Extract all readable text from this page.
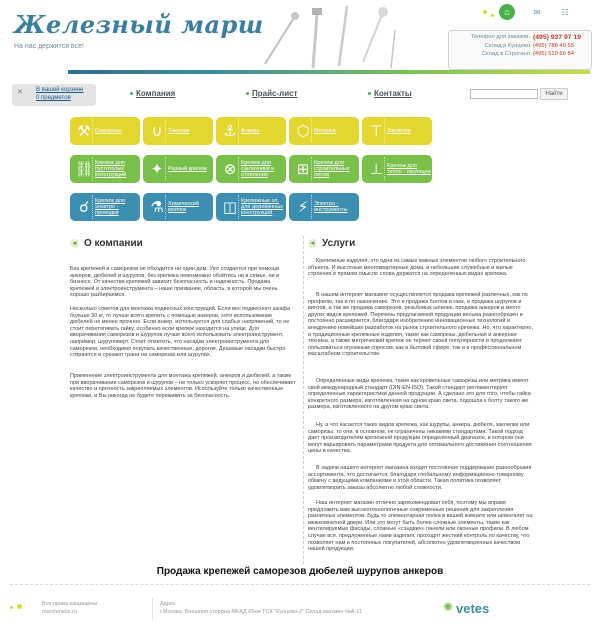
Железный марш
На нас держится все!
⌂	✉	☷
Телефон для заказов: (495) 937 97 19
Склад в Кунцево (495) 788 49 55
Склад в Строгино (495) 510 66 84
✕ В вашей корзине
0 предметов	Компания	Прайс-лист	Контакты	Найти
⚒ Саморезы	∪	Такелаж	⚓ Анкера	⬡ Метрика	⊤ Заклепки
⛓ Крепеж для пустотелых конструкций	✦ Разный крепеж	⊗ Крепеж для сантехники и отопления	⊞ Крепеж для строительных лесов	⊥ Крепеж для тепло - изоляции
☌	Крепеж для электро - проводки	⚗ Химический крепеж	◫ Крепежные эл. для деревянных конструкций	⚡	Электро - инструменты
◂ О компании	◂ Услуги
Без крепежей и саморезов не обходится ни один дом. Уют создается при помощи анкеров, дюбелей и шурупов, без крепежа невозможно обойтись ни в семье, ни в бизнесе. От качества крепежей зависит безопасность и надежность. Продажа крепежей и электроинструмента – наше призвание, область, в которой мы очень хорошо разбираемся.
Несколько советов для монтажа подвесных конструкций. Если вес подвесного шкафа больше 30 кг, то лучше всего крепить с помощью анкеров, хотя использование дюбелей не менее прочное. Если анкер, используется для слабых напряжений, то не стоит перетягивать гайку, особенно если крепеж находится на улице. Для вворачивания саморезов и шурупов лучше всего использовать электроинструмент, например, шуруповерт. Стоит отметить, что насадки электроинструмента для саморезов, необходимо покупать качественные, дорогие. Дешевые насадки быстро стираются и срезают грани на саморезах или шурупах.
Применение электроинструмента для монтажа крепежей, анкеров и дюбелей, а также при вворачивании саморезов и шурупов – не только ускоряет процесс, но обеспечивает качество и прочность закрепляемых элементов. Используйте только качественные крепежи, и Вы никогда не будете переживать за безопасность.
Крепежные изделия, это одни из самых важных элементов любого строительного объекта. И высотные многоквартирные дома, и небольшие служебные и жилые строения в прямом смысле слова держатся на определенных видах крепежа.
В нашем интернет магазине осуществляется продажа крепежей различных, как по профилю, так и по назначению. Это и продажа болтов и гаек, и продажа шурупов и винтов, а так же продажа саморезов, резьбовых шпилек, продажа анкеров и много других видов крепежей. Перечень предлагаемой продукции весьма разнообразен и постоянно расширяется, благодаря изобретению инновационных технологий и внедрению новейших разработок на рынок строительного крепежа. Но, что характерно, и традиционные крепежные изделия, такие как саморезы, дюбельная и анкерная техника, а также метрический крепеж не теряют своей популярности и продолжают пользоваться огромным спросом, как в бытовой сфере, так и в профессиональном масштабном строительстве.
Определенные виды крепежа, такие как кровельные саморезы или метрика имеют свой международный стандарт (DIN-EN-ISO). Такой стандарт регламентирует определенные характеристики данной продукции. А сделано это для того, чтобы гайка конкретного размера, изготовленная на одном краю света, подошла к болту такого же размера, изготовленного на другом краю света.
Ну, а что касается таких видов крепежа, как шурупы, анкера, дюбеля, заклепки или саморезы, то они, в основном, не ограничены никакими стандартами. Такой подход дает производителям крепежной продукции определенный диапазон, в котором они могут варьировать параметрами продукта для оптимального достижения соотношения цены и качества.
В задачи нашего интернет магазина входит постоянное поддержание разнообразия ассортимента, что достигается, благодаря глобальному информационно-товарному обмену с ведущими компаниями в этой области. Такая политика позволяет удовлетворить заказы абсолютно любой сложности.
Наш интернет магазин отлично зарекомендовал себя, поэтому мы вправе предложить вам высокотехнологичные современные решения для закрепления различных элементов. Будь то элементарная полка в вашей комнате или шпингалет на межкомнатной двери. Или это могут быть более сложные элементы, такие как вентилируемые фасады, сложные «сэндвич» панели или оконные профили. В любом случае все, предложенные нами изделия, проходят жесткий контроль по качеству, что позволяет нам и постоянных покупателей, абсолютно удовлетворенных качеством нашей продукции.
Продажа крепежей саморезов дюбелей шурупов анкеров
Все права защищены
marshmetiz.ru
Адрес
г.Москва, Внешняя сторона МКАД 65км ТСК "Кунцево-2" Склад магазин №А-11	✺ vetes
